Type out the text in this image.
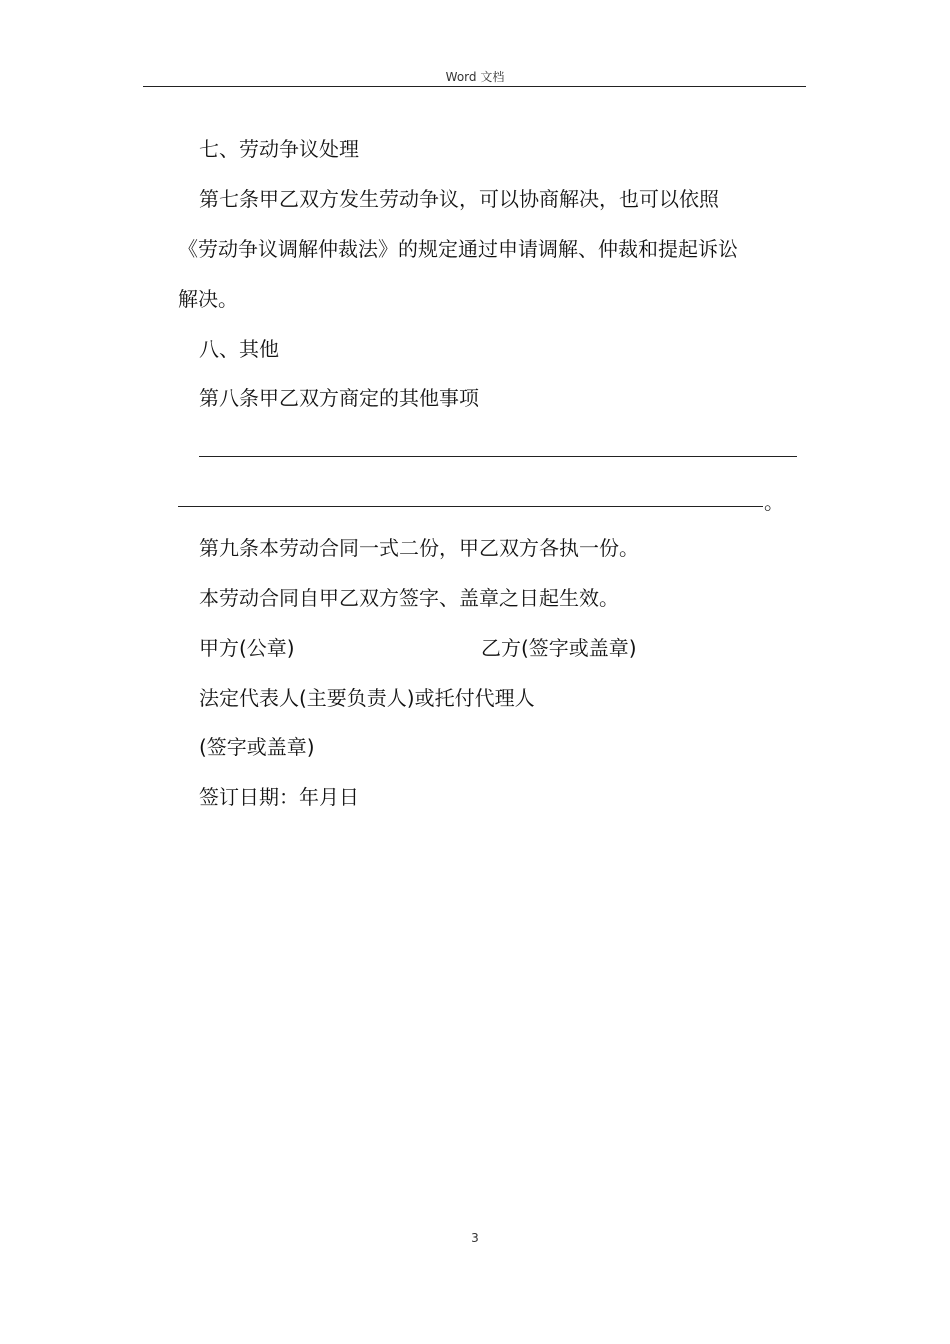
Word 文档
七、劳动争议处理
第七条甲乙双方发生劳动争议，可以协商解决，也可以依照
《劳动争议调解仲裁法》的规定通过申请调解、仲裁和提起诉讼
解决。
八、其他
第八条甲乙双方商定的其他事项
。
第九条本劳动合同一式二份，甲乙双方各执一份。
本劳动合同自甲乙双方签字、盖章之日起生效。
甲方(公章)	乙方(签字或盖章)
法定代表人(主要负责人)或托付代理人
(签字或盖章)
签订日期：年月日
3
